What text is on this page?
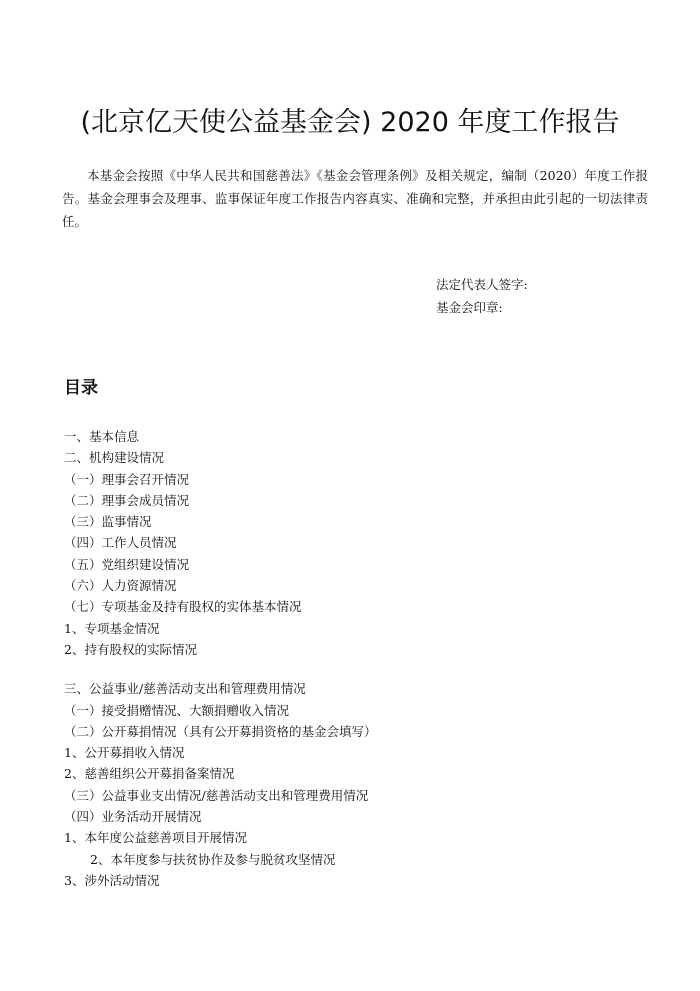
(北京亿天使公益基金会) 2020 年度工作报告

本基金会按照《中华人民共和国慈善法》《基金会管理条例》及相关规定，编制（2020）年度工作报告。基金会理事会及理事、监事保证年度工作报告内容真实、准确和完整，并承担由此引起的一切法律责任。

法定代表人签字:
基金会印章:
目录
一、基本信息
二、机构建设情况
（一）理事会召开情况
（二）理事会成员情况
（三）监事情况
（四）工作人员情况
（五）党组织建设情况
（六）人力资源情况
（七）专项基金及持有股权的实体基本情况
1、专项基金情况
2、持有股权的实际情况
三、公益事业/慈善活动支出和管理费用情况
（一）接受捐赠情况、大额捐赠收入情况
（二）公开募捐情况（具有公开募捐资格的基金会填写）
1、公开募捐收入情况
2、慈善组织公开募捐备案情况
（三）公益事业支出情况/慈善活动支出和管理费用情况
（四）业务活动开展情况
1、本年度公益慈善项目开展情况
2、本年度参与扶贫协作及参与脱贫攻坚情况
3、涉外活动情况
